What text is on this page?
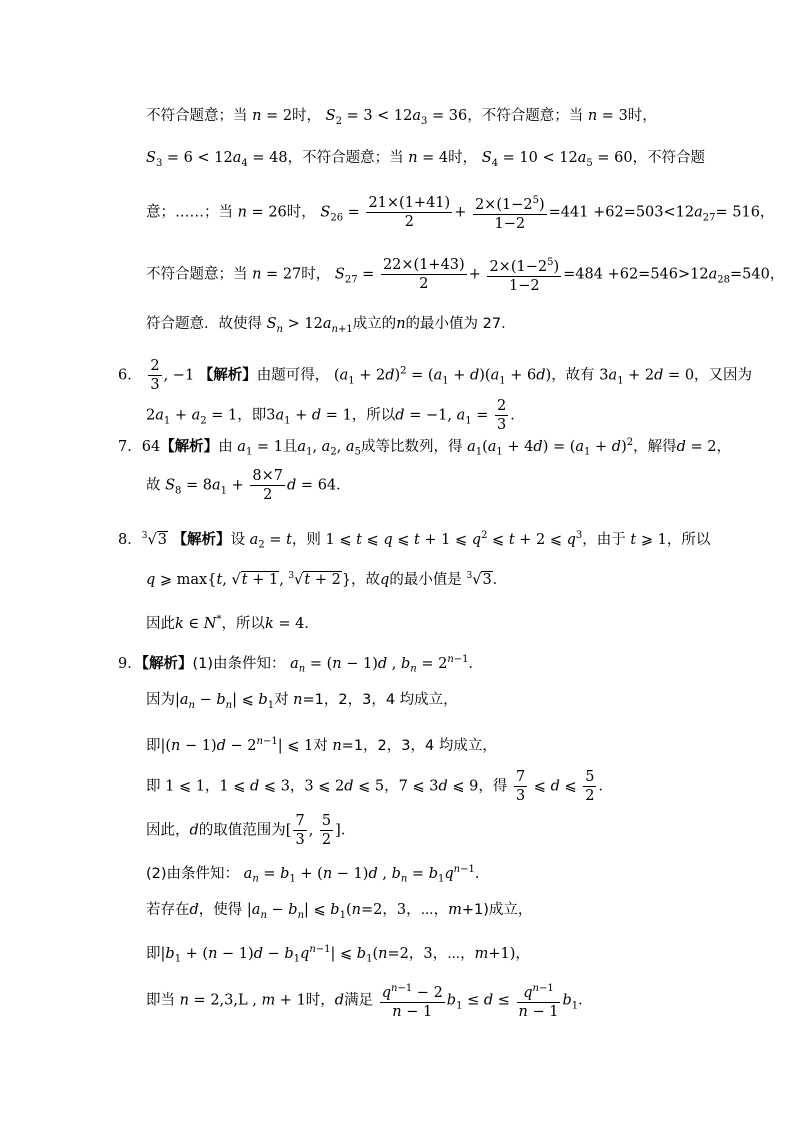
不符合题意；当 n = 2时， $S_2 = 3 < 12a_3 = 36$，不符合题意；当 n = 3时，
$S_3 = 6 < 12a_4 = 48$，不符合题意；当 n = 4时， $S_4 = 10 < 12a_5 = 60$，不符合题
意；……；当 n = 26时， $S_{26} = \frac{21\times(1+41)}{2} + \frac{2\times(1-2^5)}{1-2} =441 +62=503<12a_{27}= 516$，
不符合题意；当 n = 27时， $S_{27} = \frac{22\times(1+43)}{2} + \frac{2\times(1-2^5)}{1-2} =484 +62=546>12a_{28}=540$，
符合题意．故使得 $S_n > 12a_{n+1}$成立的n的最小值为 27．
6． $\frac{2}{3}$ , −1 【解析】由题可得， $(a_1 + 2d)^2 = (a_1 + d)(a_1 + 6d)$，故有 $3a_1 + 2d = 0$，又因为
$2a_1 + a_2 = 1$，即$3a_1 + d = 1$，所以d = −1, $a_1 = \frac{2}{3}$ ．
7．64【解析】由 $a_1 = 1$且$a_1$, $a_2$, $a_5$成等比数列，得 $a_1(a_1 + 4d) = (a_1 + d)^2$，解得d = 2，
故 $S_8 = 8a_1 + \frac{8\times 7}{2}$ d = 64．
8．$^3$√3 【解析】设 $a_2 = t$，则 1 ⩽ t ⩽ q ⩽ t + 1 ⩽ $q^2$ ⩽ t + 2 ⩽ $q^3$，由于 t ⩾ 1，所以
q ⩾ max{t, √t + 1, $^3$√t + 2}，故q的最小值是 $^3$√3．
因此k ∈ N*，所以k = 4．
9．【解析】(1)由条件知： $a_n = (n - 1)d$ , $b_n = 2^{n-1}$．
因为$|a_n - b_n|$ ⩽ $b_1$对 n=1，2，3，4 均成立，
即$|(n - 1)d - 2^{n-1}|$ ⩽ 1对 n=1，2，3，4 均成立，
即 1 ⩽ 1，1 ⩽ d ⩽ 3，3 ⩽ 2d ⩽ 5，7 ⩽ 3d ⩽ 9，得 $\frac{7}{3}$ ⩽ d ⩽ $\frac{5}{2}$ ．
因此，d的取值范围为[ $\frac{7}{3}$ , $\frac{5}{2}$ ]．
(2)由条件知： $a_n = b_1 + (n - 1)d$ , $b_n = b_1q^{n-1}$．
若存在d，使得 $|a_n - b_n|$ ⩽ $b_1(n=2$，3，⋯，m+1)成立，
即$|b_1 + (n - 1)d - b_1q^{n-1}|$ ⩽ $b_1(n=2$，3，⋯，m+1)，
即当 n = 2,3,L , m + 1时，d满足 $\frac{q^{n-1} - 2}{n - 1} b_1 \le d \le \frac{q^{n-1}}{n - 1} b_1$．
